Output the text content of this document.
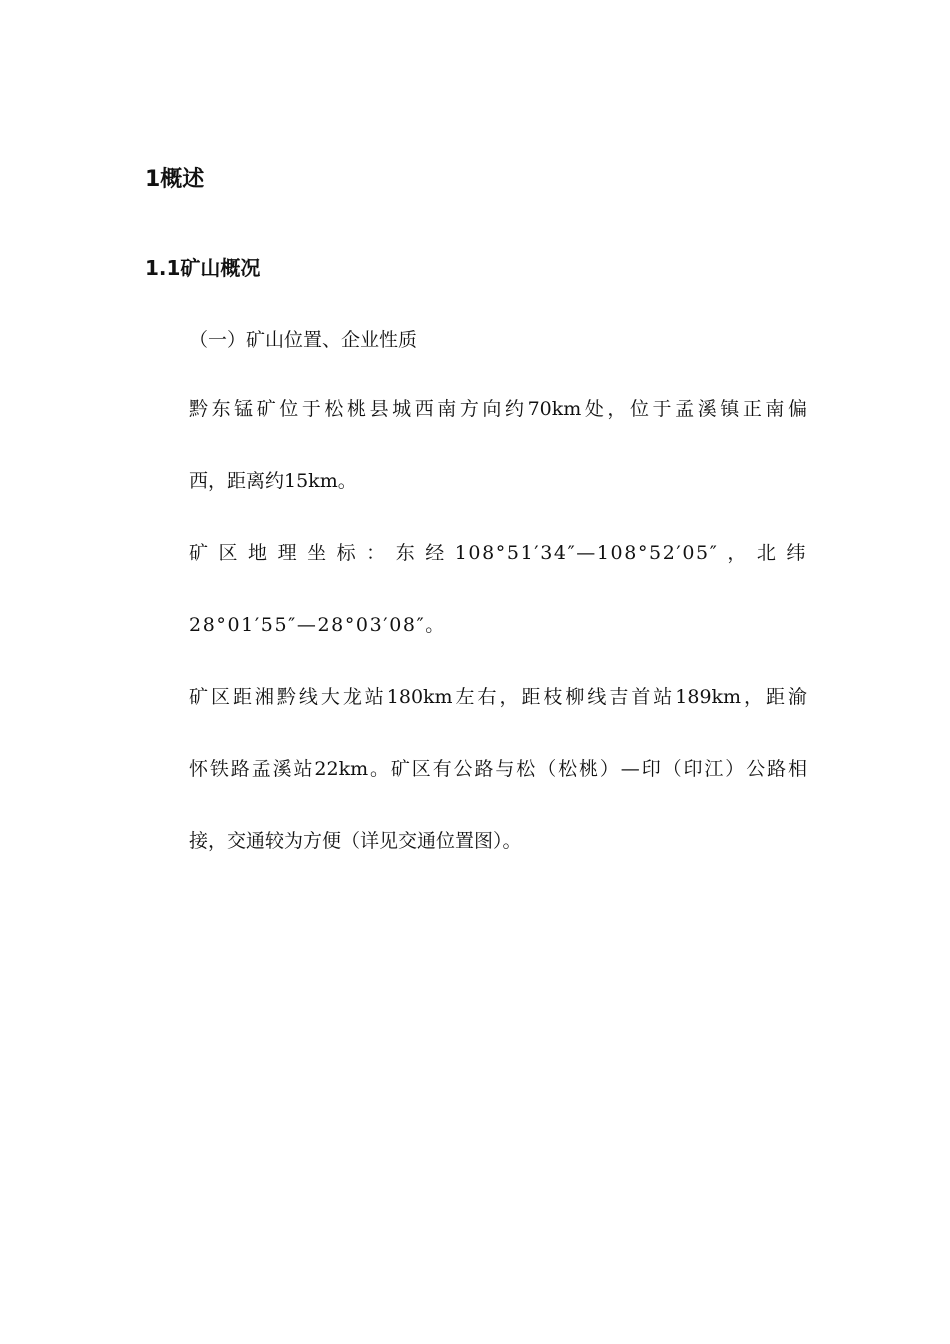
1概述
1.1矿山概况
（一）矿山位置、企业性质

黔东锰矿位于松桃县城西南方向约70km处，位于孟溪镇正南偏
西，距离约15km。

矿区地理坐标：东经108°51′34″—108°52′05″，北纬
28°01′55″—28°03′08″。

矿区距湘黔线大龙站180km左右，距枝柳线吉首站189km，距渝
怀铁路孟溪站22km。矿区有公路与松（松桃）—印（印江）公路相
接，交通较为方便（详见交通位置图）。
